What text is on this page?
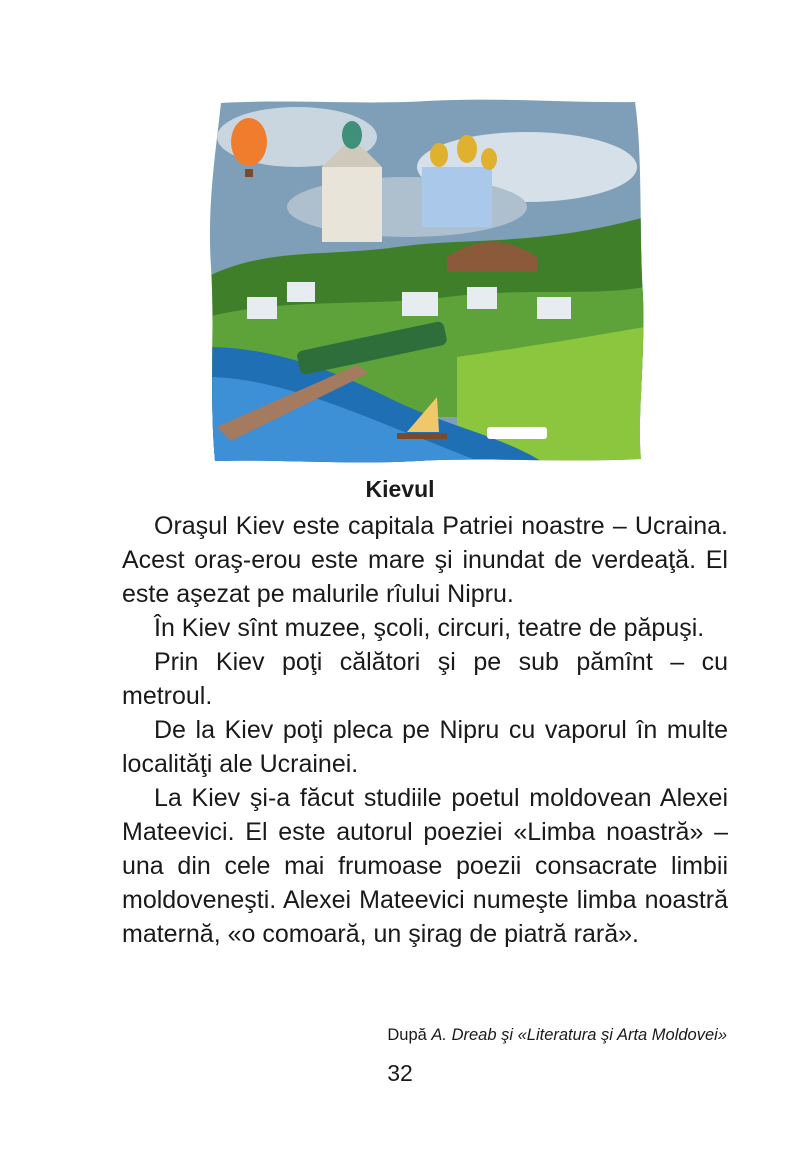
Kievul

Oraşul Kiev este capitala Patriei noastre – Ucraina. Acest oraş-erou este mare şi inundat de verdeaţă. El este aşezat pe malurile rîului Nipru.

În Kiev sînt muzee, şcoli, circuri, teatre de păpuşi.

Prin Kiev poţi călători şi pe sub pămînt – cu metroul.

De la Kiev poţi pleca pe Nipru cu vaporul în multe localităţi ale Ucrainei.

La Kiev şi-a făcut studiile poetul moldovean Alexei Mateevici. El este autorul poeziei «Limba noastră» – una din cele mai frumoase poezii consacrate limbii moldoveneşti. Alexei Mateevici numeşte limba noastră maternă, «o comoară, un şirag de piatră rară».

După A. Dreab şi «Literatura şi Arta Moldovei»
32
